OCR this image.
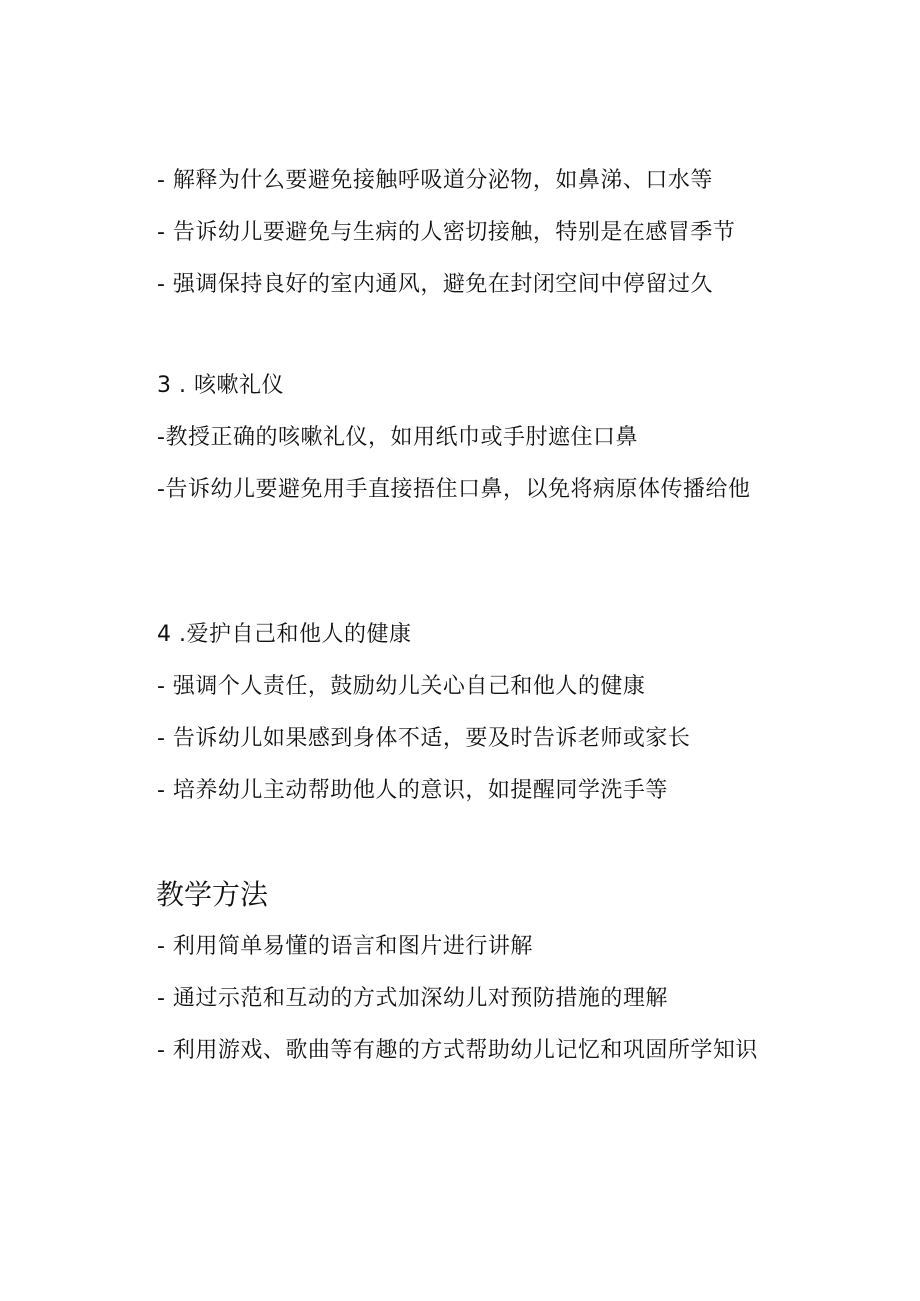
- 解释为什么要避免接触呼吸道分泌物，如鼻涕、口水等
- 告诉幼儿要避免与生病的人密切接触，特别是在感冒季节
- 强调保持良好的室内通风，避免在封闭空间中停留过久
3 . 咳嗽礼仪
-教授正确的咳嗽礼仪，如用纸巾或手肘遮住口鼻
-告诉幼儿要避免用手直接捂住口鼻，以免将病原体传播给他
4 .爱护自己和他人的健康
- 强调个人责任，鼓励幼儿关心自己和他人的健康
- 告诉幼儿如果感到身体不适，要及时告诉老师或家长
- 培养幼儿主动帮助他人的意识，如提醒同学洗手等
教学方法
- 利用简单易懂的语言和图片进行讲解
- 通过示范和互动的方式加深幼儿对预防措施的理解
- 利用游戏、歌曲等有趣的方式帮助幼儿记忆和巩固所学知识
